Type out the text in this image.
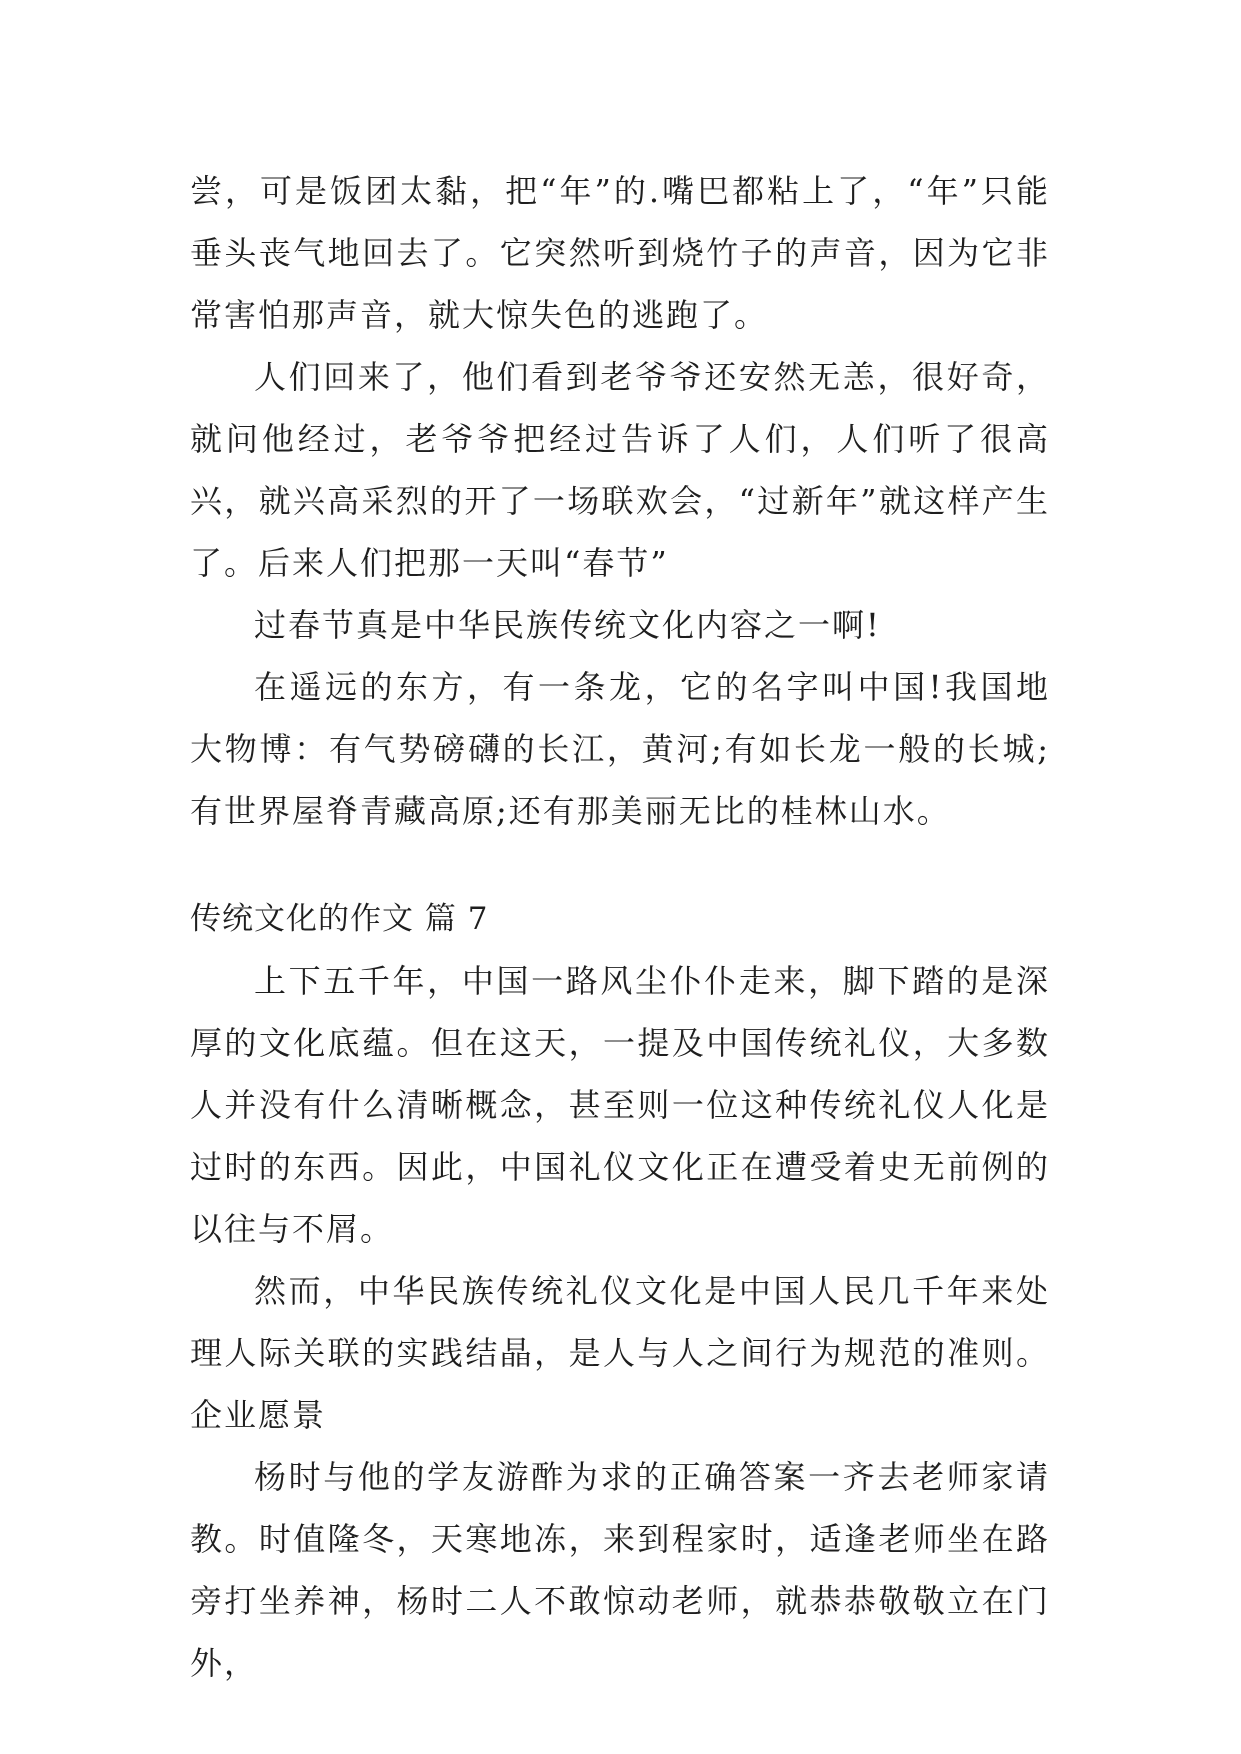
尝，可是饭团太黏，把“年”的.嘴巴都粘上了，“年”只能垂头丧气地回去了。它突然听到烧竹子的声音，因为它非常害怕那声音，就大惊失色的逃跑了。

人们回来了，他们看到老爷爷还安然无恙，很好奇，就问他经过，老爷爷把经过告诉了人们，人们听了很高兴，就兴高采烈的开了一场联欢会，“过新年”就这样产生了。后来人们把那一天叫“春节”

过春节真是中华民族传统文化内容之一啊!

在遥远的东方，有一条龙，它的名字叫中国!我国地大物博：有气势磅礴的长江，黄河;有如长龙一般的长城;有世界屋脊青藏高原;还有那美丽无比的桂林山水。

传统文化的作文 篇 7

上下五千年，中国一路风尘仆仆走来，脚下踏的是深厚的文化底蕴。但在这天，一提及中国传统礼仪，大多数人并没有什么清晰概念，甚至则一位这种传统礼仪人化是过时的东西。因此，中国礼仪文化正在遭受着史无前例的以往与不屑。

然而，中华民族传统礼仪文化是中国人民几千年来处理人际关联的实践结晶，是人与人之间行为规范的准则。企业愿景

杨时与他的学友游酢为求的正确答案一齐去老师家请教。时值隆冬，天寒地冻，来到程家时，适逢老师坐在路旁打坐养神，杨时二人不敢惊动老师，就恭恭敬敬立在门外，
